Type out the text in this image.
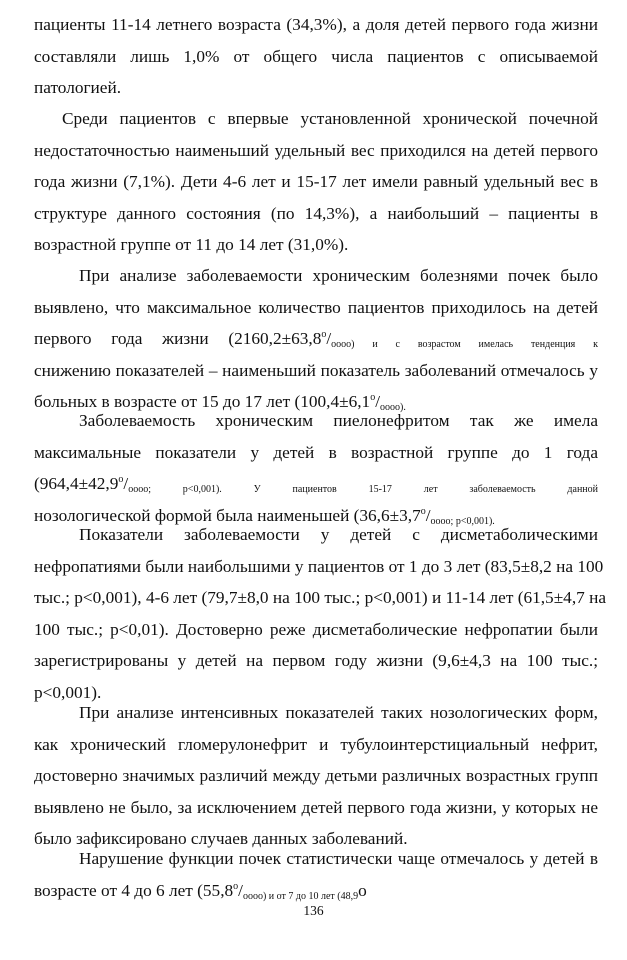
пациенты 11-14 летнего возраста (34,3%), а доля детей первого года жизни
составляли лишь 1,0% от общего числа пациентов с описываемой
патологией.
Среди пациентов с впервые установленной хронической почечной
недостаточностью наименьший удельный вес приходился на детей первого
года жизни (7,1%). Дети 4-6 лет и 15-17 лет имели равный удельный вес в
структуре данного состояния (по 14,3%), а наибольший – пациенты в
возрастной группе от 11 до 14 лет (31,0%).
При анализе заболеваемости хроническим болезнями почек было
выявлено, что максимальное количество пациентов приходилось на детей
первого года жизни ($2160,2\pm 63,8^о/_{оооо) и с возрастом имелась тенденция к}$
снижению показателей – наименьший показатель заболеваний отмечалось у
больных в возрасте от 15 до 17 лет ($100,4\pm 6,1^о/_{оооо).}$
Заболеваемость хроническим пиелонефритом так же имела
максимальные показатели у детей в возрастной группе до 1 года
($964,4\pm 42,9^о/_{оооо; p<0,001). У пациентов 15-17 лет заболеваемость данной}$
нозологической формой была наименьшей ($36,6\pm 3,7^о/_{оооо; p<0,001).}$
Показатели заболеваемости у детей с дисметаболическими
нефропатиями были наибольшими у пациентов от 1 до 3 лет (83,5±8,2 на 100
тыс.; p<0,001), 4-6 лет (79,7±8,0 на 100 тыс.; p<0,001) и 11-14 лет (61,5±4,7 на
100 тыс.; p<0,01). Достоверно реже дисметаболические нефропатии были
зарегистрированы у детей на первом году жизни (9,6±4,3 на 100 тыс.;
p<0,001).
При анализе интенсивных показателей таких нозологических форм,
как хронический гломерулонефрит и тубулоинтерстициальный нефрит,
достоверно значимых различий между детьми различных возрастных групп
выявлено не было, за исключением детей первого года жизни, у которых не
было зафиксировано случаев данных заболеваний.
Нарушение функции почек статистически чаще отмечалось у детей в
возрасте от 4 до 6 лет ($55,8^о/_{оооо) и от 7 до 10 лет (48,9}о$
136
